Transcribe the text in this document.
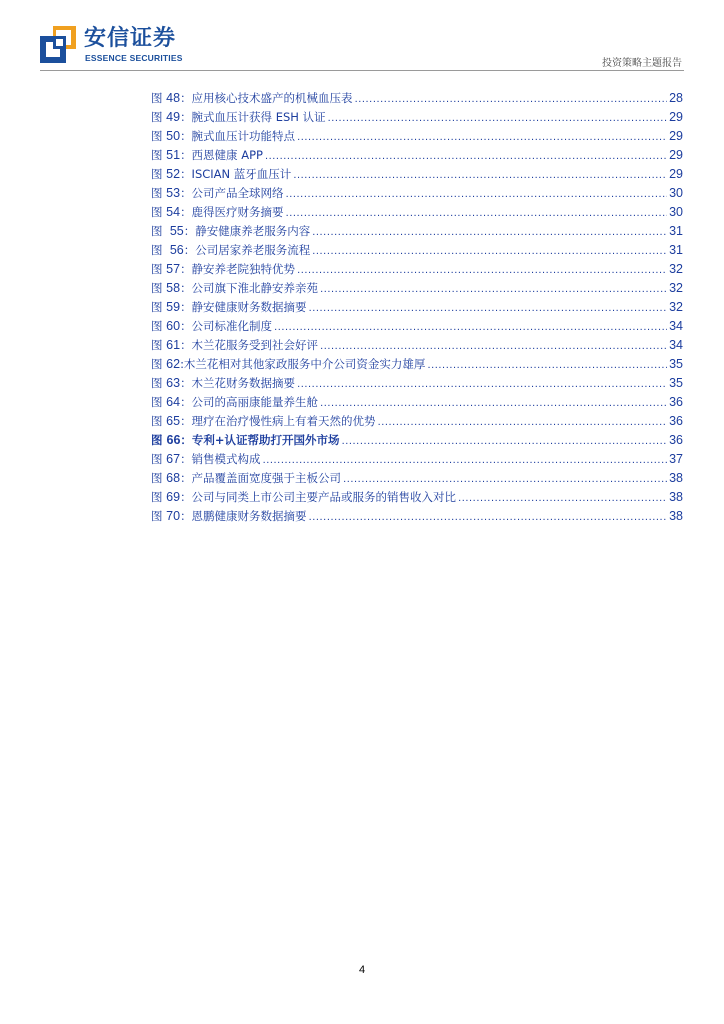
安信证券
ESSENCE SECURITIES	投资策略主题报告
图 48：应用核心技术盛产的机械血压表 .....	28
图 49：腕式血压计获得 ESH 认证 .....	29
图 50：腕式血压计功能特点 .....	29
图 51：西恩健康 APP .....	29
图 52：ISCIAN 蓝牙血压计 .....	29
图 53：公司产品全球网络 .....	30
图 54：鹿得医疗财务摘要 .....	30
图  55：静安健康养老服务内容 .....	31
图  56：公司居家养老服务流程 .....	31
图 57：静安养老院独特优势 .....	32
图 58：公司旗下淮北静安养亲苑 .....	32
图 59：静安健康财务数据摘要 .....	32
图 60：公司标准化制度 .....	34
图 61：木兰花服务受到社会好评 .....	34
图 62:木兰花相对其他家政服务中介公司资金实力雄厚 .....	35
图 63：木兰花财务数据摘要 .....	35
图 64：公司的高丽康能量养生舱 .....	36
图 65：理疗在治疗慢性病上有着天然的优势 .....	36
图 66：专利+认证帮助打开国外市场 .....	36
图 67：销售模式构成 .....	37
图 68：产品覆盖面宽度强于主板公司 .....	38
图 69：公司与同类上市公司主要产品或服务的销售收入对比 .....	38
图 70：恩鹏健康财务数据摘要 .....	38
4
